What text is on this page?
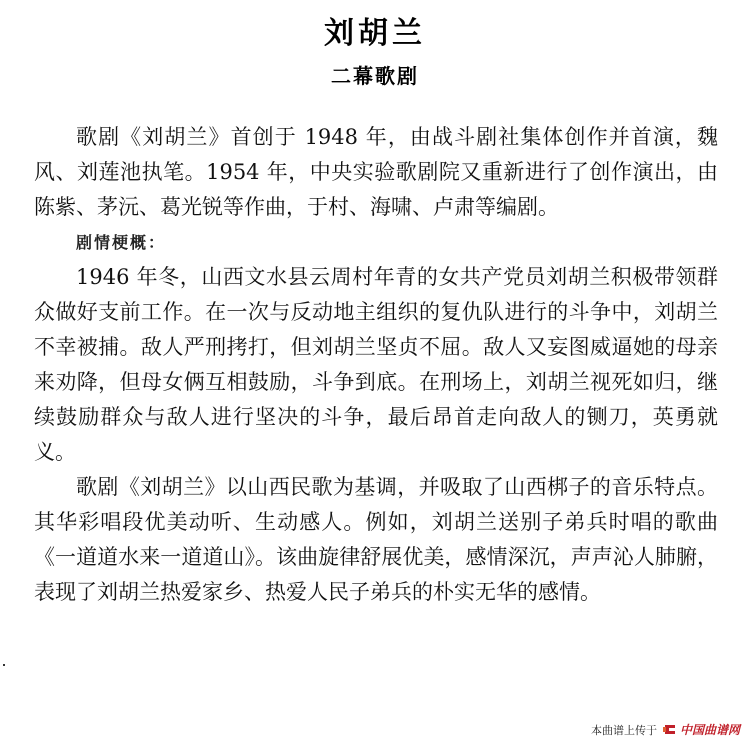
刘胡兰
二幕歌剧

歌剧《刘胡兰》首创于 1948 年，由战斗剧社集体创作并首演，魏风、刘莲池执笔。1954 年，中央实验歌剧院又重新进行了创作演出，由陈紫、茅沅、葛光锐等作曲，于村、海啸、卢肃等编剧。

剧情梗概：

1946 年冬，山西文水县云周村年青的女共产党员刘胡兰积极带领群众做好支前工作。在一次与反动地主组织的复仇队进行的斗争中，刘胡兰不幸被捕。敌人严刑拷打，但刘胡兰坚贞不屈。敌人又妄图威逼她的母亲来劝降，但母女俩互相鼓励，斗争到底。在刑场上，刘胡兰视死如归，继续鼓励群众与敌人进行坚决的斗争，最后昂首走向敌人的铡刀，英勇就义。

歌剧《刘胡兰》以山西民歌为基调，并吸取了山西梆子的音乐特点。其华彩唱段优美动听、生动感人。例如，刘胡兰送别子弟兵时唱的歌曲《一道道水来一道道山》。该曲旋律舒展优美，感情深沉，声声沁人肺腑，表现了刘胡兰热爱家乡、热爱人民子弟兵的朴实无华的感情。

本曲谱上传于 中国曲谱网
